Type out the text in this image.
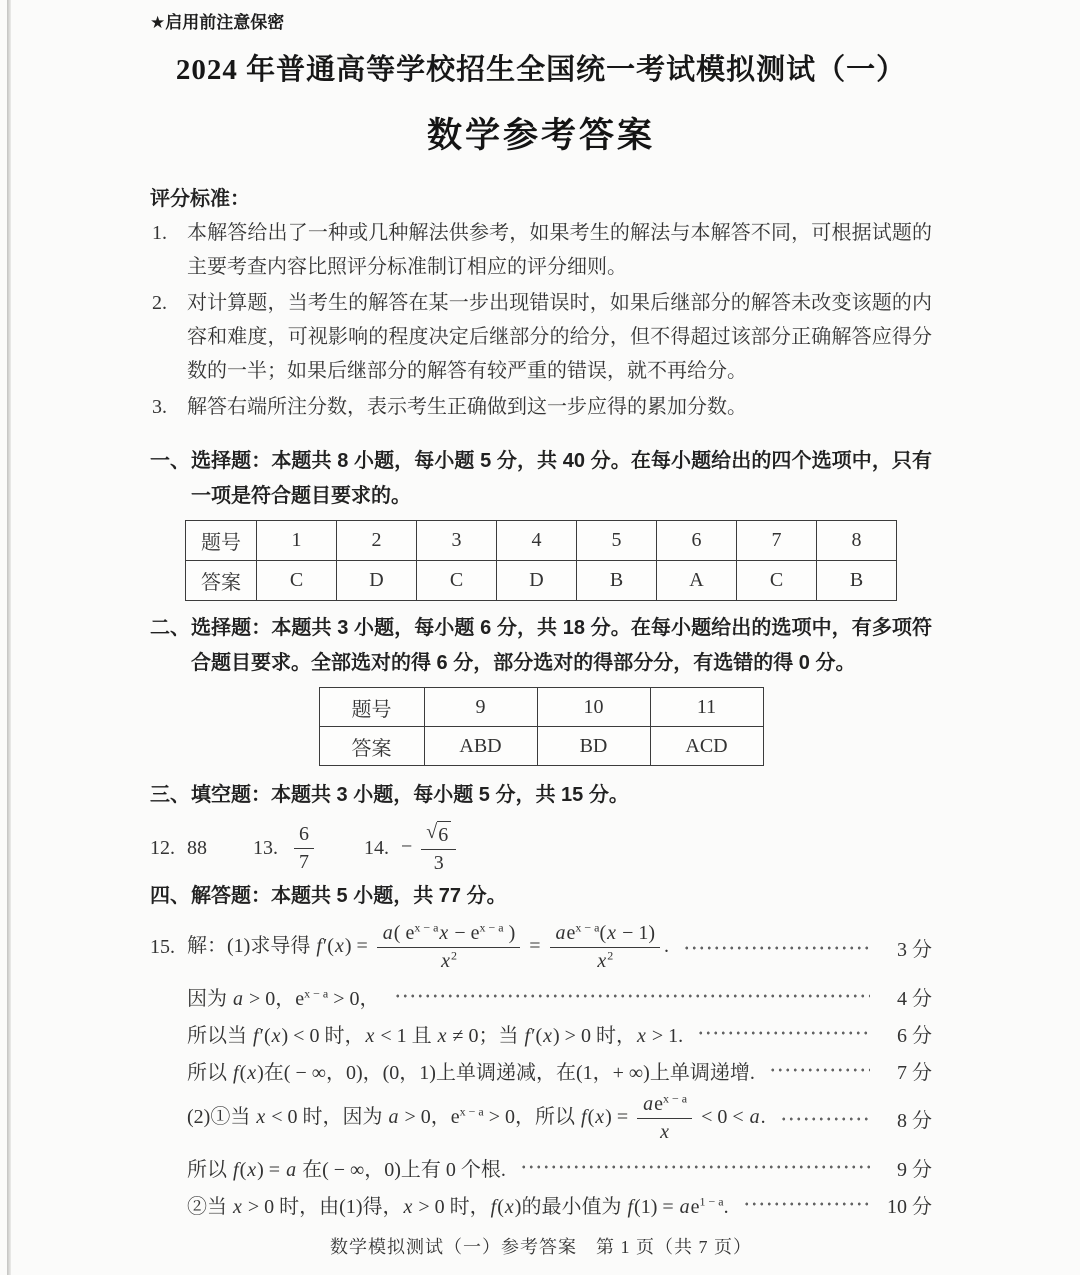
★启用前注意保密
2024 年普通高等学校招生全国统一考试模拟测试（一）
数学参考答案
评分标准：
1. 本解答给出了一种或几种解法供参考，如果考生的解法与本解答不同，可根据试题的主要考查内容比照评分标准制订相应的评分细则。
2. 对计算题，当考生的解答在某一步出现错误时，如果后继部分的解答未改变该题的内容和难度，可视影响的程度决定后继部分的给分，但不得超过该部分正确解答应得分数的一半；如果后继部分的解答有较严重的错误，就不再给分。
3. 解答右端所注分数，表示考生正确做到这一步应得的累加分数。
一、 选择题：本题共 8 小题，每小题 5 分，共 40 分。在每小题给出的四个选项中，只有一项是符合题目要求的。
题号	1	2	3	4	5	6	7	8
答案	C	D	C	D	B	A	C	B
二、 选择题：本题共 3 小题，每小题 6 分，共 18 分。在每小题给出的选项中，有多项符合题目要求。全部选对的得 6 分，部分选对的得部分分，有选错的得 0 分。
题号	9	10	11
答案	ABD	BD	ACD
三、 填空题：本题共 3 小题，每小题 5 分，共 15 分。
12. 88 13. $\frac{6}{7}$	14. − $\frac{√ 6}{3}$
四、 解答题：本题共 5 小题，共 77 分。
15. 解：(1)求导得 $f'(x) = \frac{a( e^{x - a}x - e^{x - a} )}{x^2} = \frac{ae^{x - a}(x - 1)}{x^2}$ .	3 分
因为 a > 0，$e^{x - a} > 0$，	4 分
所以当 f′(x) < 0 时，x < 1 且 x ≠ 0；当 f′(x) > 0 时，x > 1.	6 分
所以 f(x)在( − ∞，0)，(0，1)上单调递减，在(1，+ ∞)上单调递增.	7 分
(2)①当 x < 0 时，因为 a > 0，$e^{x - a} > 0$，所以 $f(x) = \frac{ae^{x - a}}{x} < 0 < a$.	8 分
所以 f(x) = a 在( − ∞，0)上有 0 个根.	9 分
②当 x > 0 时，由(1)得，x > 0 时，f(x)的最小值为 $f(1) = ae^{1 - a}$.	10 分
数学模拟测试（一）参考答案　第 1 页（共 7 页）
